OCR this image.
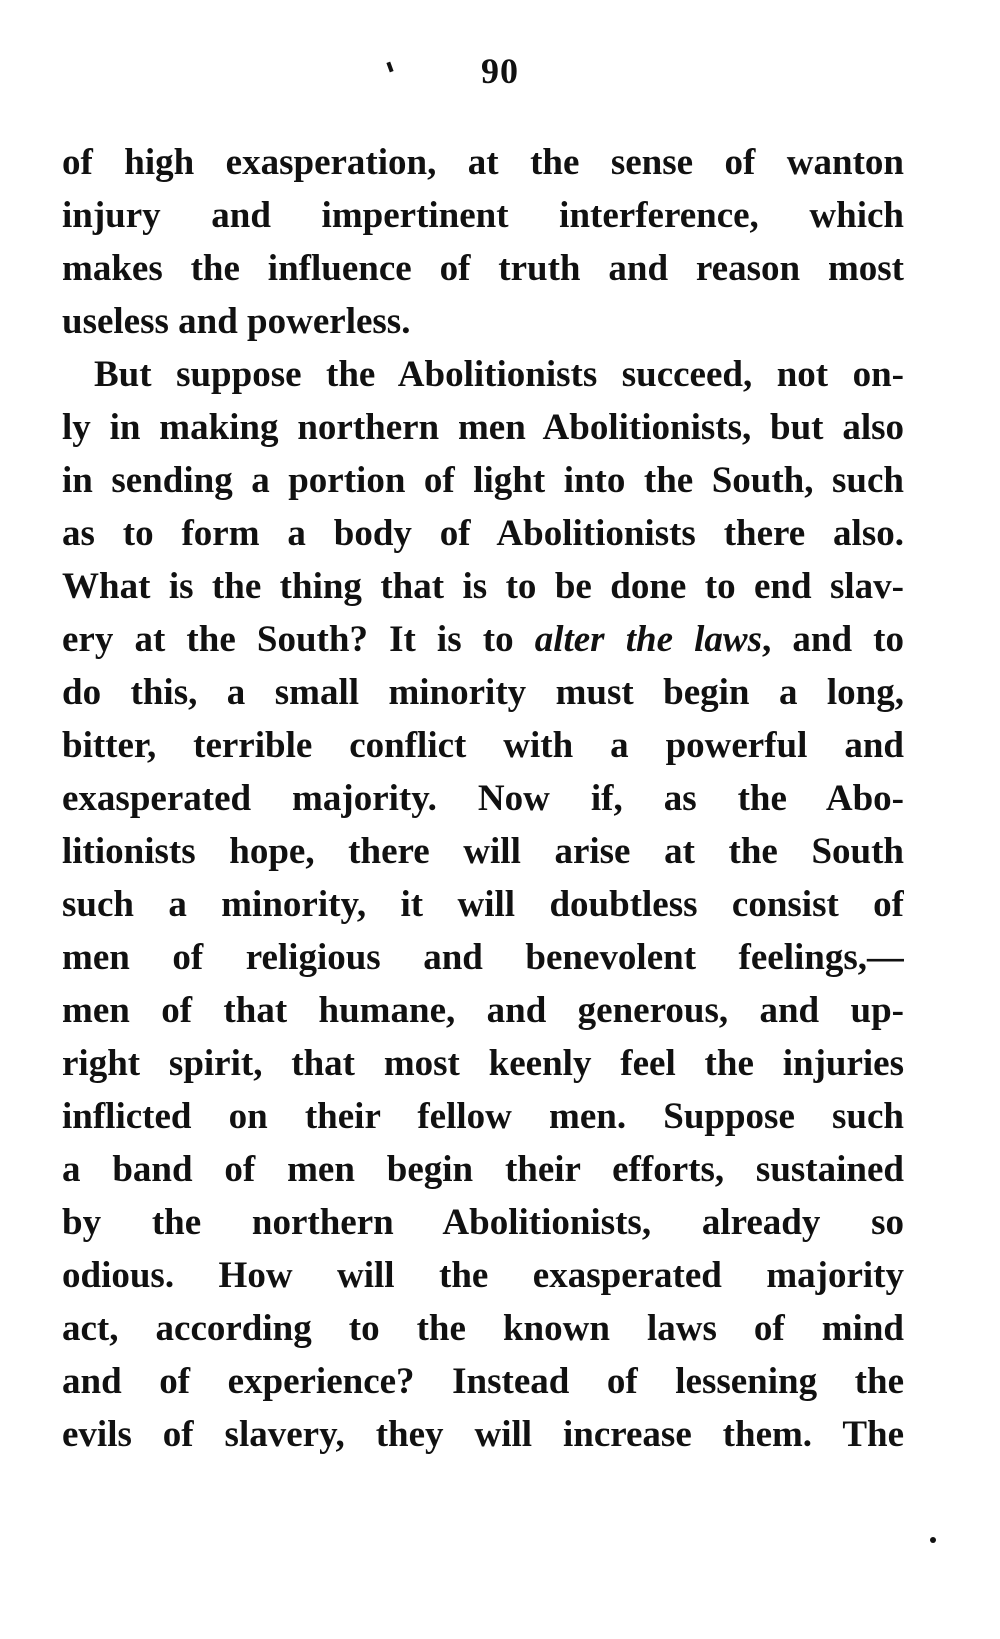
90
of high exasperation, at the sense of wanton
injury and impertinent interference, which
makes the influence of truth and reason most
useless and powerless.
But suppose the Abolitionists succeed, not on-
ly in making northern men Abolitionists, but also
in sending a portion of light into the South, such
as to form a body of Abolitionists there also.
What is the thing that is to be done to end slav-
ery at the South? It is to alter the laws, and to
do this, a small minority must begin a long,
bitter, terrible conflict with a powerful and
exasperated majority. Now if, as the Abo-
litionists hope, there will arise at the South
such a minority, it will doubtless consist of
men of religious and benevolent feelings,—
men of that humane, and generous, and up-
right spirit, that most keenly feel the injuries
inflicted on their fellow men. Suppose such
a band of men begin their efforts, sustained
by the northern Abolitionists, already so
odious. How will the exasperated majority
act, according to the known laws of mind
and of experience? Instead of lessening the
evils of slavery, they will increase them. The
